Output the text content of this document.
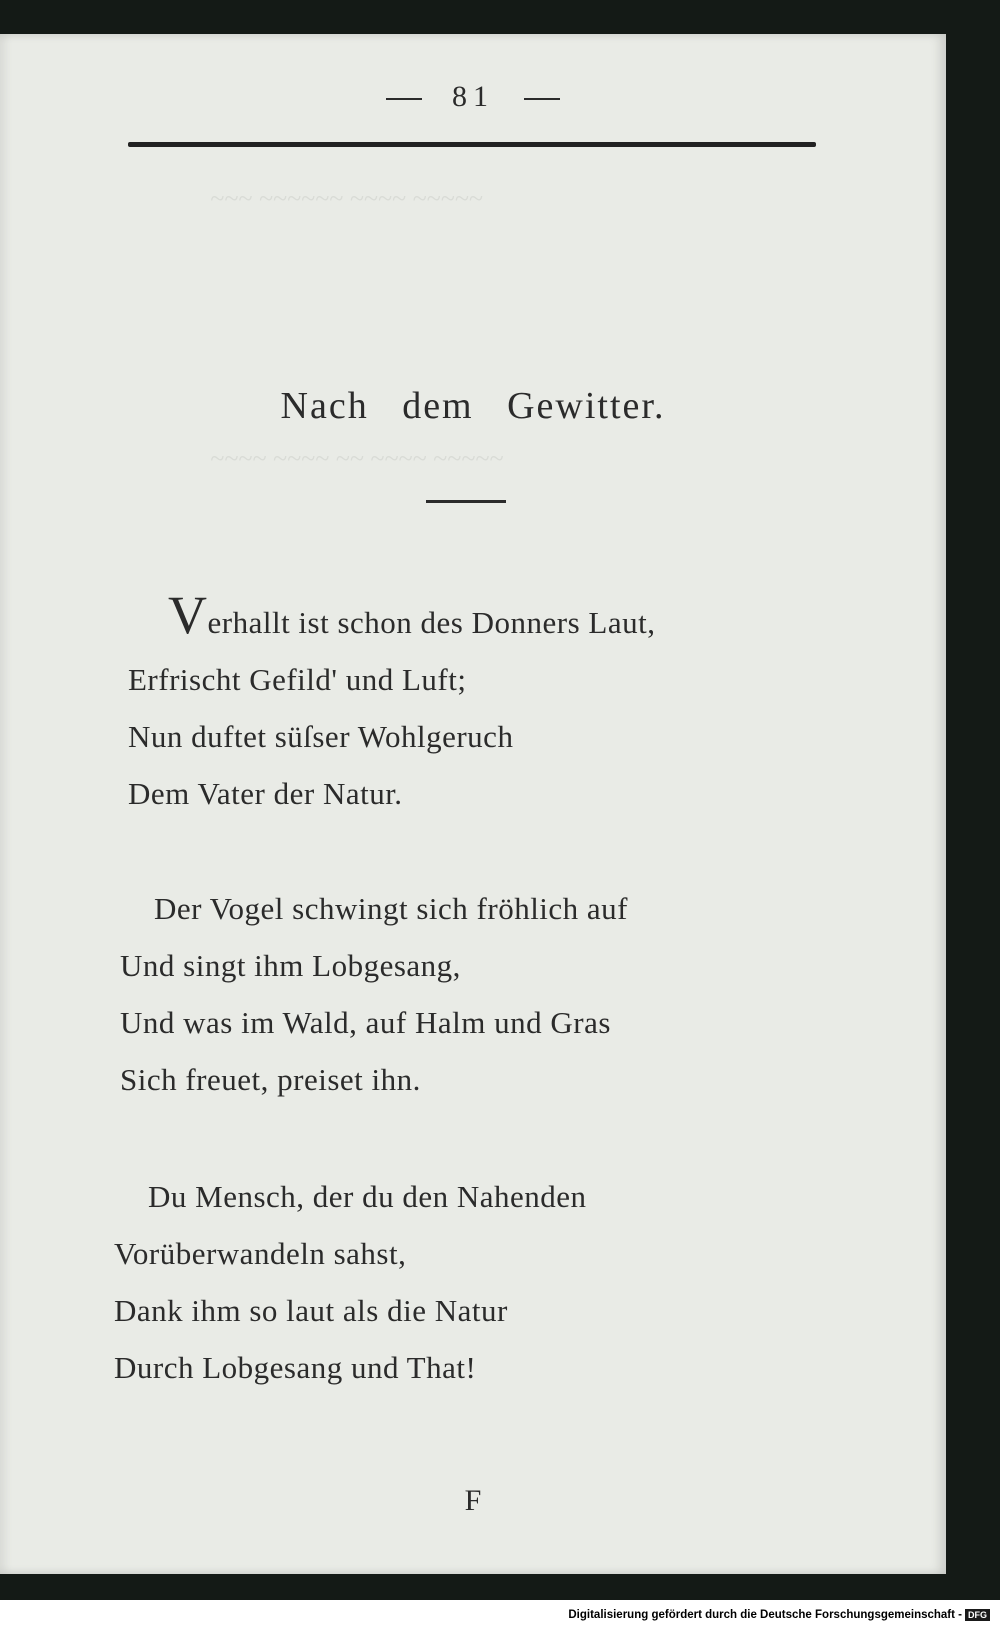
~~~ ~~~~~~ ~~~~ ~~~~~
~~~~ ~~~~ ~~ ~~~~ ~~~~~
81
Nach dem Gewitter.
Verhallt ist schon des Donners Laut,
Erfrischt Gefild' und Luft;
Nun duftet süſser Wohlgeruch
Dem Vater der Natur.
Der Vogel schwingt sich fröhlich auf
Und singt ihm Lobgesang,
Und was im Wald, auf Halm und Gras
Sich freuet, preiset ihn.
Du Mensch, der du den Nahenden
Vorüberwandeln sahst,
Dank ihm so laut als die Natur
Durch Lobgesang und That!
F
Digitalisierung gefördert durch die Deutsche Forschungsgemeinschaft - DFG
